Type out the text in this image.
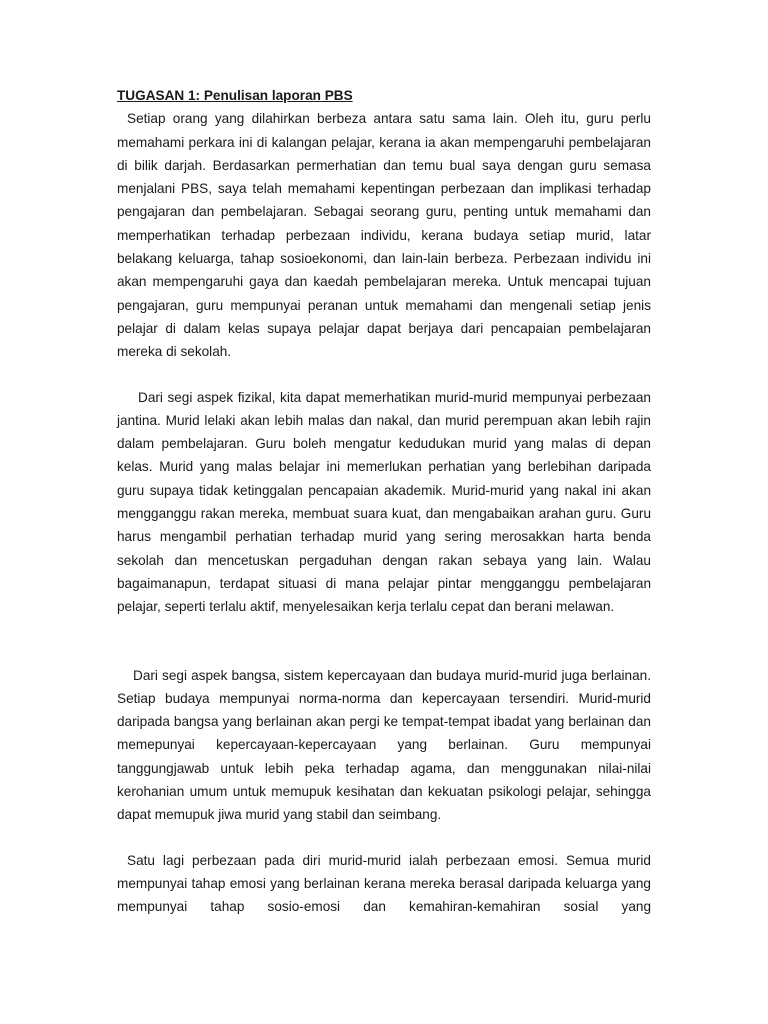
TUGASAN 1: Penulisan laporan PBS

Setiap orang yang dilahirkan berbeza antara satu sama lain. Oleh itu, guru perlu memahami perkara ini di kalangan pelajar, kerana ia akan mempengaruhi pembelajaran di bilik darjah. Berdasarkan permerhatian dan temu bual saya dengan guru semasa menjalani PBS, saya telah memahami kepentingan perbezaan dan implikasi terhadap pengajaran dan pembelajaran. Sebagai seorang guru, penting untuk memahami dan memperhatikan terhadap perbezaan individu, kerana budaya setiap murid, latar belakang keluarga, tahap sosioekonomi, dan lain-lain berbeza. Perbezaan individu ini akan mempengaruhi gaya dan kaedah pembelajaran mereka. Untuk mencapai tujuan pengajaran, guru mempunyai peranan untuk memahami dan mengenali setiap jenis pelajar di dalam kelas supaya pelajar dapat berjaya dari pencapaian pembelajaran mereka di sekolah.

Dari segi aspek fizikal, kita dapat memerhatikan murid-murid mempunyai perbezaan jantina. Murid lelaki akan lebih malas dan nakal, dan murid perempuan akan lebih rajin dalam pembelajaran. Guru boleh mengatur kedudukan murid yang malas di depan kelas. Murid yang malas belajar ini memerlukan perhatian yang berlebihan daripada guru supaya tidak ketinggalan pencapaian akademik. Murid-murid yang nakal ini akan mengganggu rakan mereka, membuat suara kuat, dan mengabaikan arahan guru. Guru harus mengambil perhatian terhadap murid yang sering merosakkan harta benda sekolah dan mencetuskan pergaduhan dengan rakan sebaya yang lain. Walau bagaimanapun, terdapat situasi di mana pelajar pintar mengganggu pembelajaran pelajar, seperti terlalu aktif, menyelesaikan kerja terlalu cepat dan berani melawan.

Dari segi aspek bangsa, sistem kepercayaan dan budaya murid-murid juga berlainan. Setiap budaya mempunyai norma-norma dan kepercayaan tersendiri. Murid-murid daripada bangsa yang berlainan akan pergi ke tempat-tempat ibadat yang berlainan dan memepunyai kepercayaan-kepercayaan yang berlainan. Guru mempunyai tanggungjawab untuk lebih peka terhadap agama, dan menggunakan nilai-nilai kerohanian umum untuk memupuk kesihatan dan kekuatan psikologi pelajar, sehingga dapat memupuk jiwa murid yang stabil dan seimbang.

Satu lagi perbezaan pada diri murid-murid ialah perbezaan emosi. Semua murid mempunyai tahap emosi yang berlainan kerana mereka berasal daripada keluarga yang mempunyai tahap sosio-emosi dan kemahiran-kemahiran sosial yang
